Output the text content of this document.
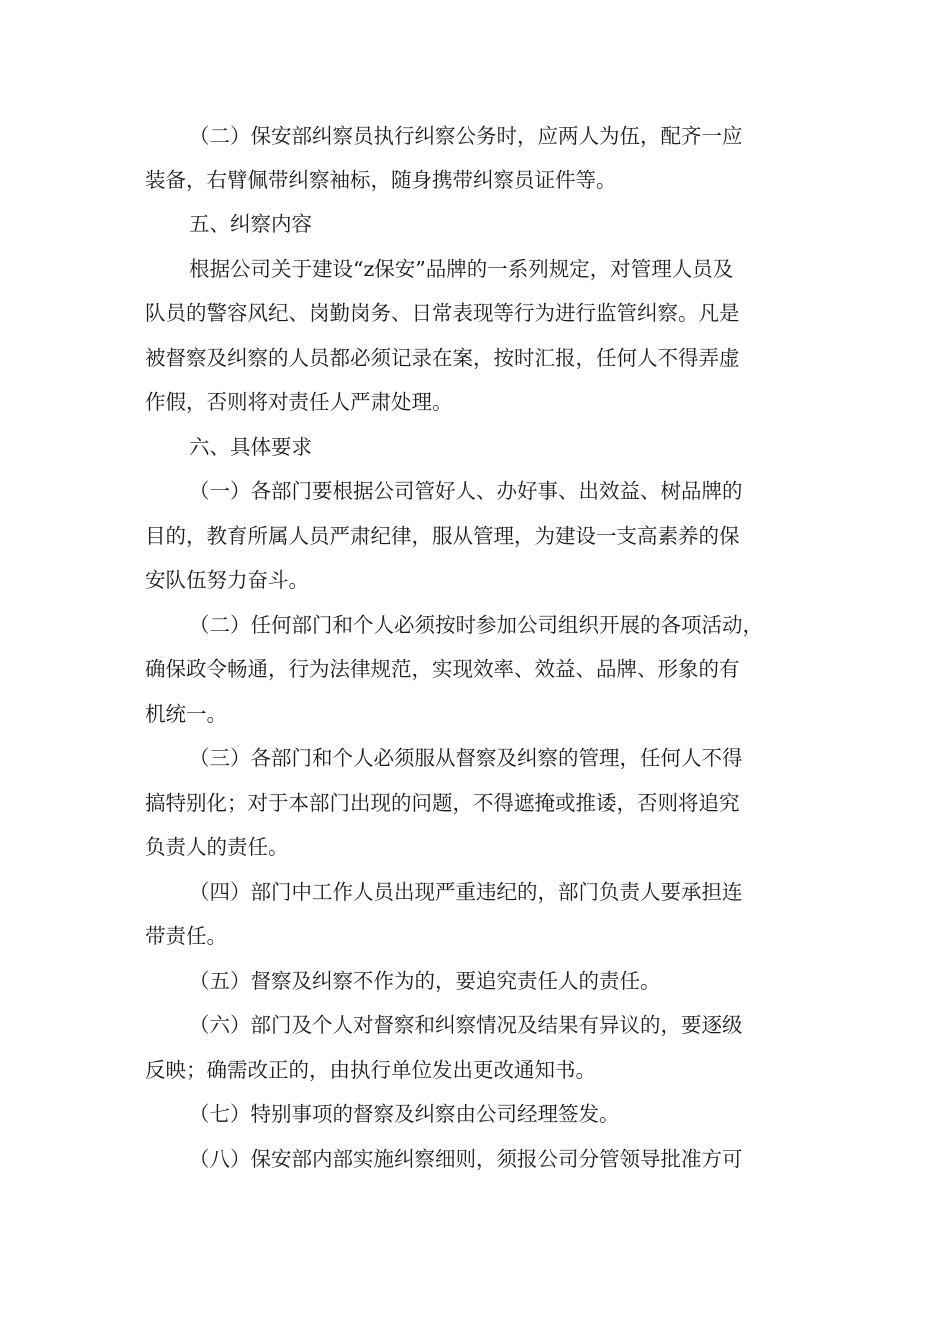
（二）保安部纠察员执行纠察公务时，应两人为伍，配齐一应
装备，右臂佩带纠察袖标，随身携带纠察员证件等。
五、纠察内容
根据公司关于建设“z保安”品牌的一系列规定，对管理人员及
队员的警容风纪、岗勤岗务、日常表现等行为进行监管纠察。凡是
被督察及纠察的人员都必须记录在案，按时汇报，任何人不得弄虚
作假，否则将对责任人严肃处理。
六、具体要求
（一）各部门要根据公司管好人、办好事、出效益、树品牌的
目的，教育所属人员严肃纪律，服从管理，为建设一支高素养的保
安队伍努力奋斗。
（二）任何部门和个人必须按时参加公司组织开展的各项活动，
确保政令畅通，行为法律规范，实现效率、效益、品牌、形象的有
机统一。
（三）各部门和个人必须服从督察及纠察的管理，任何人不得
搞特别化；对于本部门出现的问题，不得遮掩或推诿，否则将追究
负责人的责任。
（四）部门中工作人员出现严重违纪的，部门负责人要承担连
带责任。
（五）督察及纠察不作为的，要追究责任人的责任。
（六）部门及个人对督察和纠察情况及结果有异议的，要逐级
反映；确需改正的，由执行单位发出更改通知书。
（七）特别事项的督察及纠察由公司经理签发。
（八）保安部内部实施纠察细则，须报公司分管领导批准方可
